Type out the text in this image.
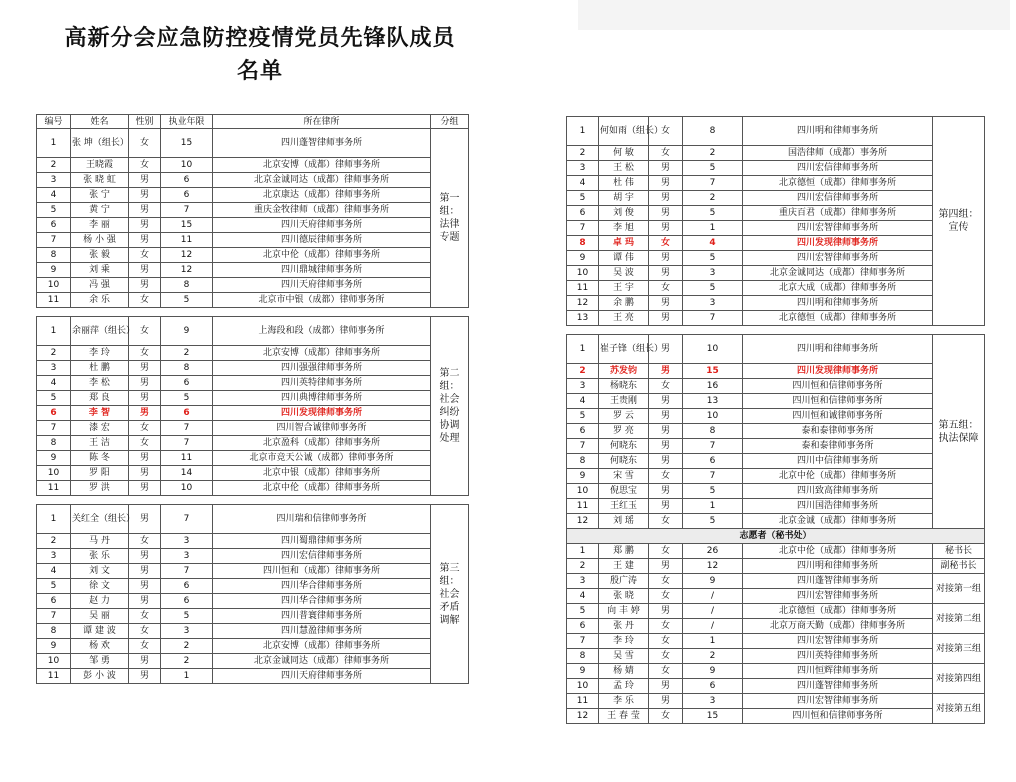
高新分会应急防控疫情党员先锋队成员
名单
编号	姓名	性别	执业年限	所在律所	分组
1	张 坤（组长）	女	15	四川蓬智律师事务所	第一组：法律专题
2	王晓霞	女	10	北京安博（成都）律师事务所	
3	张 晓 虹	男	6	北京金诚同达（成都）律师事务所	
4	张 宁	男	6	北京康达（成都）律师事务所	
5	黄 宁	男	7	重庆金牧律师（成都）律师事务所	
6	李 丽	男	15	四川天府律师事务所	
7	杨 小 强	男	11	四川德辰律师事务所	
8	张 毅	女	12	北京中伦（成都）律师事务所	
9	刘 乘	男	12	四川鼎城律师事务所	
10	冯 强	男	8	四川天府律师事务所	
11	余 乐	女	5	北京市中银（成都）律师事务所	

1	余丽萍（组长）	女	9	上海段和段（成都）律师事务所	第二组：社会纠纷协调处理
2	李 玲	女	2	北京安博（成都）律师事务所	
3	杜 鹏	男	8	四川强强律师事务所	
4	李 松	男	6	四川英特律师事务所	
5	郑 良	男	5	四川典博律师事务所	
6	李 智	男	6	四川发现律师事务所	
7	漆 宏	女	7	四川智合诚律师事务所	
8	王 洁	女	7	北京盈科（成都）律师事务所	
9	陈 冬	男	11	北京市竞天公诚（成都）律师事务所	
10	罗 阳	男	14	北京中银（成都）律师事务所	
11	罗 洪	男	10	北京中伦（成都）律师事务所	

1	关红全（组长）	男	7	四川瑞和信律师事务所	第三组：社会矛盾调解
2	马 丹	女	3	四川蜀鼎律师事务所	
3	张 乐	男	3	四川宏信律师事务所	
4	刘 文	男	7	四川恒和（成都）律师事务所	
5	徐 文	男	6	四川华合律师事务所	
6	赵 力	男	6	四川华合律师事务所	
7	吴 丽	女	5	四川普寰律师事务所	
8	谭 建 波	女	3	四川慧盈律师事务所	
9	杨 欢	女	2	北京安博（成都）律师事务所	
10	邹 勇	男	2	北京金诚同达（成都）律师事务所	
11	彭 小 波	男	1	四川天府律师事务所	
1	何如雨（组长）	女	8	四川明和律师事务所	第四组：宣传
2	何 敏	女	2	国浩律师（成都）事务所	
3	王 松	男	5	四川宏信律师事务所	
4	杜 伟	男	7	北京德恒（成都）律师事务所	
5	胡 宇	男	2	四川宏信律师事务所	
6	刘 俊	男	5	重庆百君（成都）律师事务所	
7	李 旭	男	1	四川宏智律师事务所	
8	卓 玛	女	4	四川发现律师事务所	
9	谭 伟	男	5	四川宏智律师事务所	
10	吴 波	男	3	北京金诚同达（成都）律师事务所	
11	王 宇	女	5	北京大成（成都）律师事务所	
12	余 鹏	男	3	四川明和律师事务所	
13	王 亮	男	7	北京德恒（成都）律师事务所	

1	崔子锋（组长）	男	10	四川明和律师事务所	第五组：执法保障
2	苏发钧	男	15	四川发现律师事务所	
3	杨晓东	女	16	四川恒和信律师事务所	
4	王贵刚	男	13	四川恒和信律师事务所	
5	罗 云	男	10	四川恒和诚律师事务所	
6	罗 亮	男	8	泰和泰律师事务所	
7	何晓东	男	7	泰和泰律师事务所	
8	何晓东	男	6	四川中信律师事务所	
9	宋 雪	女	7	北京中伦（成都）律师事务所	
10	倪思宝	男	5	四川致高律师事务所	
11	王红玉	男	1	四川国浩律师事务所	
12	刘 瑶	女	5	北京金诚（成都）律师事务所	
志愿者（秘书处）					
1	郑 鹏	女	26	北京中伦（成都）律师事务所	秘书长
2	王 建	男	12	四川明和律师事务所	副秘书长
3	殷广涛	女	9	四川蓬智律师事务所	对接第一组
4	张 晓	女	/	四川宏智律师事务所	
5	向 丰 婷	男	/	北京德恒（成都）律师事务所	对接第二组
6	张 丹	女	/	北京万商天勤（成都）律师事务所	
7	李 玲	女	1	四川宏智律师事务所	对接第三组
8	吴 雪	女	2	四川英特律师事务所	
9	杨 婧	女	9	四川恒辉律师事务所	对接第四组
10	孟 玲	男	6	四川蓬智律师事务所	
11	李 乐	男	3	四川宏智律师事务所	对接第五组
12	王 春 莹	女	15	四川恒和信律师事务所	
